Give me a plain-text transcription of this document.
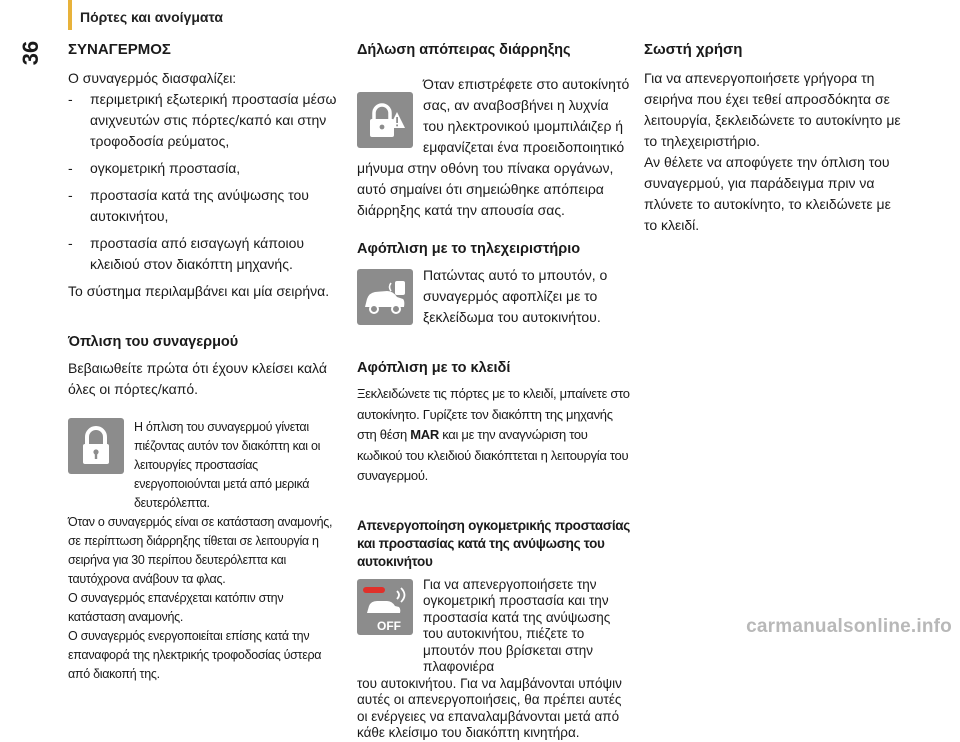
36
Πόρτες και ανοίγματα
ΣΥΝΑΓΕΡΜΟΣ

Ο συναγερμός διασφαλίζει:

- περιμετρική εξωτερική προστασία μέσω ανιχνευτών στις πόρτες/καπό και στην τροφοδοσία ρεύματος,
- ογκομετρική προστασία,
- προστασία κατά της ανύψωσης του αυτοκινήτου,
- προστασία από εισαγωγή κάποιου κλειδιού στον διακόπτη μηχανής.

Το σύστημα περιλαμβάνει και μία σειρήνα.

Όπλιση του συναγερμού

Βεβαιωθείτε πρώτα ότι έχουν κλείσει καλά όλες οι πόρτες/καπό.

Η όπλιση του συναγερμού γίνεται πιέζοντας αυτόν τον διακόπτη και οι λειτουργίες προστασίας ενεργοποιούνται μετά από μερικά δευτερόλεπτα.

Όταν ο συναγερμός είναι σε κατάσταση αναμονής, σε περίπτωση διάρρηξης τίθεται σε λειτουργία η σειρήνα για 30 περίπου δευτερόλεπτα και ταυτόχρονα ανάβουν τα φλας.

Ο συναγερμός επανέρχεται κατόπιν στην κατάσταση αναμονής.

Ο συναγερμός ενεργοποιείται επίσης κατά την επαναφορά της ηλεκτρικής τροφοδοσίας ύστερα από διακοπή της.

Δήλωση απόπειρας διάρρηξης

Όταν επιστρέφετε στο αυτοκίνητό σας, αν αναβοσβήνει η λυχνία του ηλεκτρονικού ιμομπιλάιζερ ή εμφανίζεται ένα προειδοποιητικό

μήνυμα στην οθόνη του πίνακα οργάνων, αυτό σημαίνει ότι σημειώθηκε απόπειρα διάρρηξης κατά την απουσία σας.

Αφόπλιση με το τηλεχειριστήριο

Πατώντας αυτό το μπουτόν, ο συναγερμός αφοπλίζει με το ξεκλείδωμα του αυτοκινήτου.

Αφόπλιση με το κλειδί

Ξεκλειδώνετε τις πόρτες με το κλειδί, μπαίνετε στο αυτοκίνητο. Γυρίζετε τον διακόπτη της μηχανής στη θέση MAR και με την αναγνώριση του κωδικού του κλειδιού διακόπτεται η λειτουργία του συναγερμού.

Απενεργοποίηση ογκομετρικής προστασίας και προστασίας κατά της ανύψωσης του αυτοκινήτου
OFF

Για να απενεργοποιήσετε την ογκομετρική προστασία και την προστασία κατά της ανύψωσης του αυτοκινήτου, πιέζετε το μπουτόν που βρίσκεται στην πλαφονιέρα

του αυτοκινήτου. Για να λαμβάνονται υπόψιν αυτές οι απενεργοποιήσεις, θα πρέπει αυτές οι ενέργειες να επαναλαμβάνονται μετά από κάθε κλείσιμο του διακόπτη κινητήρα.

Σωστή χρήση

Για να απενεργοποιήσετε γρήγορα τη σειρήνα που έχει τεθεί απροσδόκητα σε λειτουργία, ξεκλειδώνετε το αυτοκίνητο με το τηλεχειριστήριο.

Αν θέλετε να αποφύγετε την όπλιση του συναγερμού, για παράδειγμα πριν να πλύνετε το αυτοκίνητο, το κλειδώνετε με το κλειδί.

carmanualsonline.info
